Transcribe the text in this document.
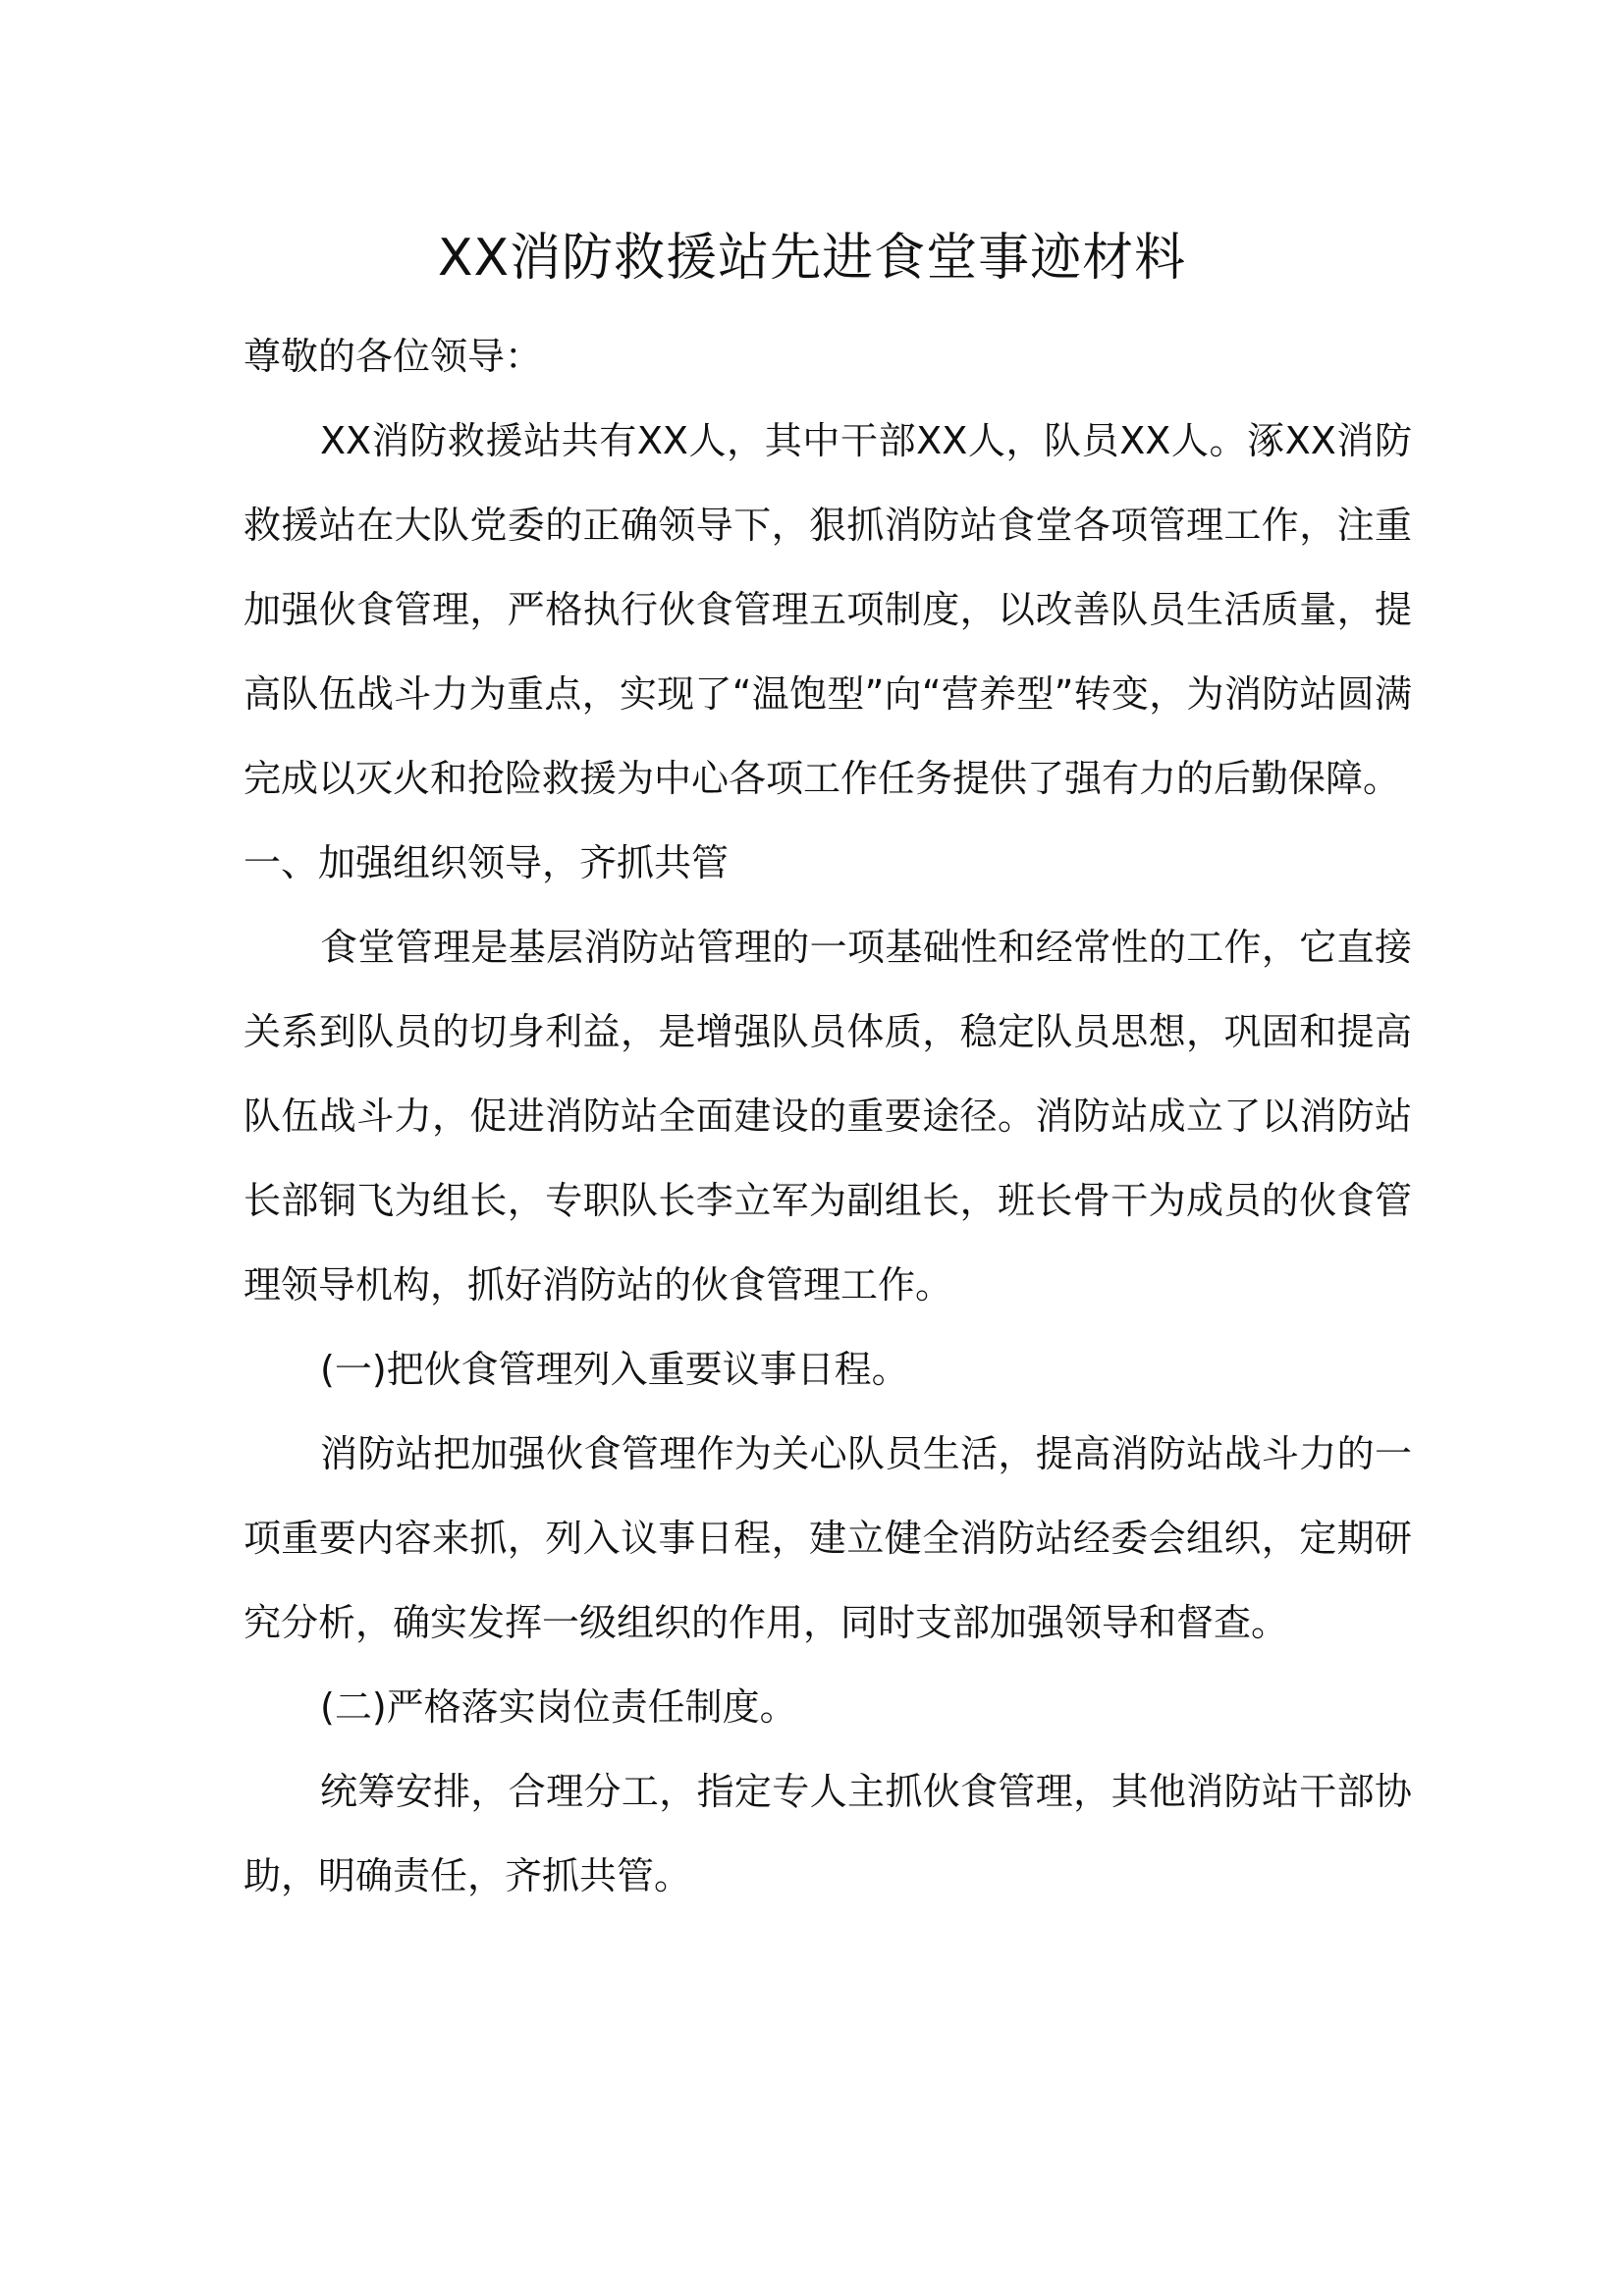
XX消防救援站先进食堂事迹材料

尊敬的各位领导：

XX消防救援站共有XX人，其中干部XX人，队员XX人。涿XX消防救援站在大队党委的正确领导下，狠抓消防站食堂各项管理工作，注重加强伙食管理，严格执行伙食管理五项制度，以改善队员生活质量，提高队伍战斗力为重点，实现了“温饱型”向“营养型”转变，为消防站圆满完成以灭火和抢险救援为中心各项工作任务提供了强有力的后勤保障。

一、加强组织领导，齐抓共管

食堂管理是基层消防站管理的一项基础性和经常性的工作，它直接关系到队员的切身利益，是增强队员体质，稳定队员思想，巩固和提高队伍战斗力，促进消防站全面建设的重要途径。消防站成立了以消防站长部铜飞为组长，专职队长李立军为副组长，班长骨干为成员的伙食管理领导机构，抓好消防站的伙食管理工作。

(一)把伙食管理列入重要议事日程。

消防站把加强伙食管理作为关心队员生活，提高消防站战斗力的一项重要内容来抓，列入议事日程，建立健全消防站经委会组织，定期研究分析，确实发挥一级组织的作用，同时支部加强领导和督查。

(二)严格落实岗位责任制度。

统筹安排，合理分工，指定专人主抓伙食管理，其他消防站干部协助，明确责任，齐抓共管。
